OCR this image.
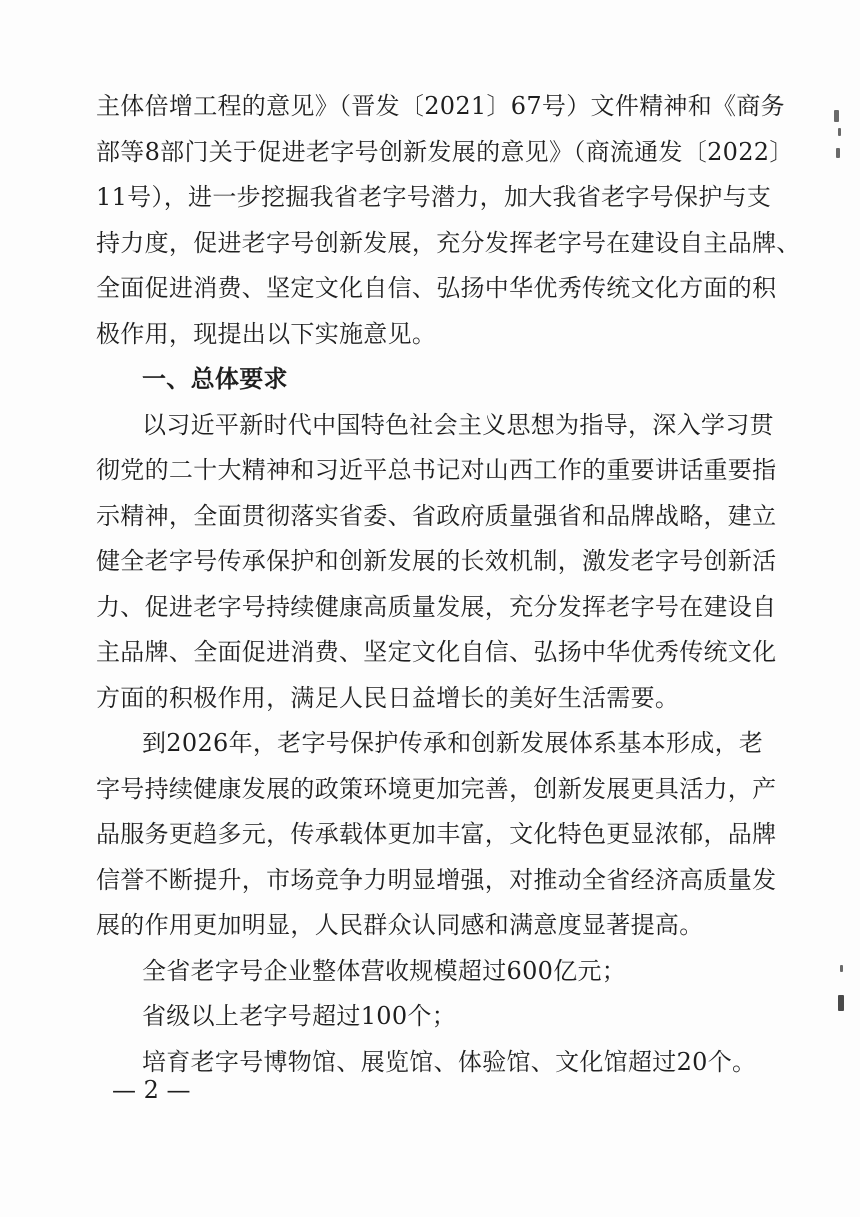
主体倍增工程的意见》（晋发〔2021〕67号）文件精神和《商务
部等8部门关于促进老字号创新发展的意见》（商流通发〔2022〕
11号），进一步挖掘我省老字号潜力，加大我省老字号保护与支
持力度，促进老字号创新发展，充分发挥老字号在建设自主品牌、
全面促进消费、坚定文化自信、弘扬中华优秀传统文化方面的积
极作用，现提出以下实施意见。
一、总体要求
以习近平新时代中国特色社会主义思想为指导，深入学习贯
彻党的二十大精神和习近平总书记对山西工作的重要讲话重要指
示精神，全面贯彻落实省委、省政府质量强省和品牌战略，建立
健全老字号传承保护和创新发展的长效机制，激发老字号创新活
力、促进老字号持续健康高质量发展，充分发挥老字号在建设自
主品牌、全面促进消费、坚定文化自信、弘扬中华优秀传统文化
方面的积极作用，满足人民日益增长的美好生活需要。
到2026年，老字号保护传承和创新发展体系基本形成，老
字号持续健康发展的政策环境更加完善，创新发展更具活力，产
品服务更趋多元，传承载体更加丰富，文化特色更显浓郁，品牌
信誉不断提升，市场竞争力明显增强，对推动全省经济高质量发
展的作用更加明显，人民群众认同感和满意度显著提高。
全省老字号企业整体营收规模超过600亿元；
省级以上老字号超过100个；
培育老字号博物馆、展览馆、体验馆、文化馆超过20个。
— 2 —
